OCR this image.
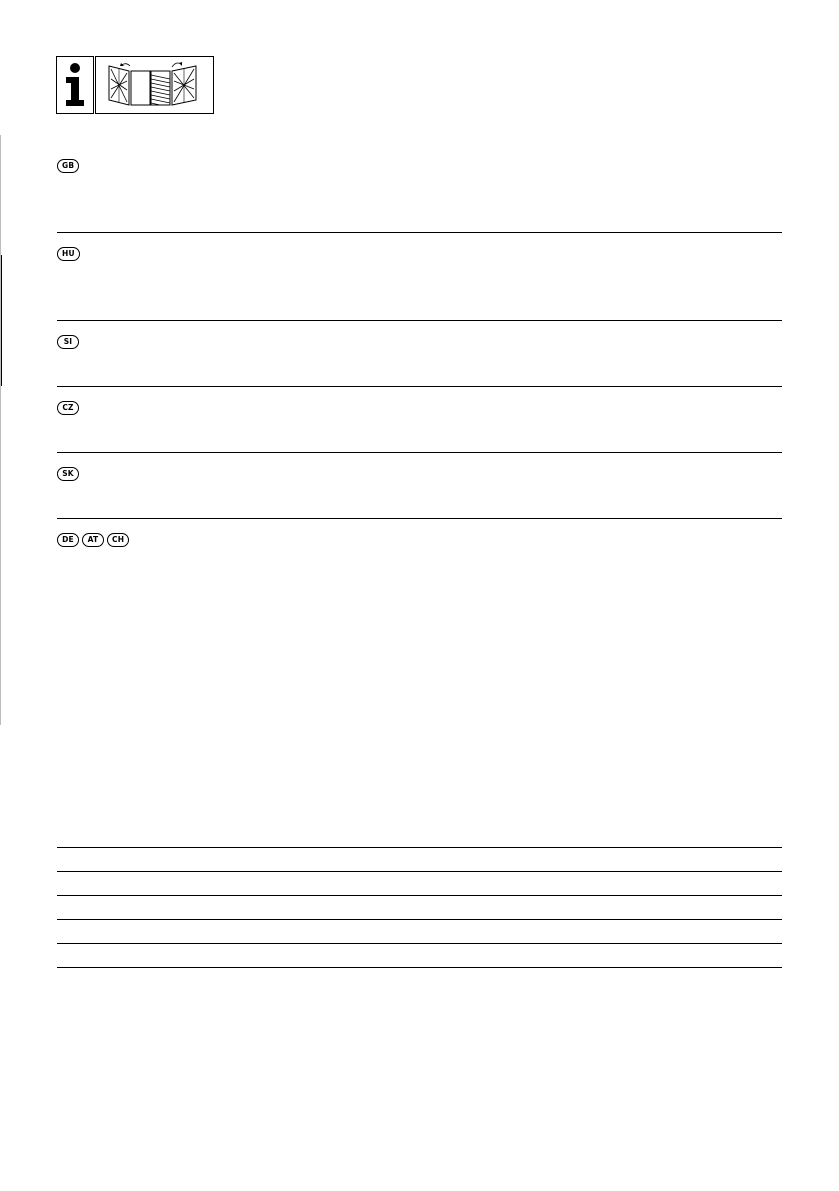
GB
HU
SI
CZ
SK
DE	AT	CH
